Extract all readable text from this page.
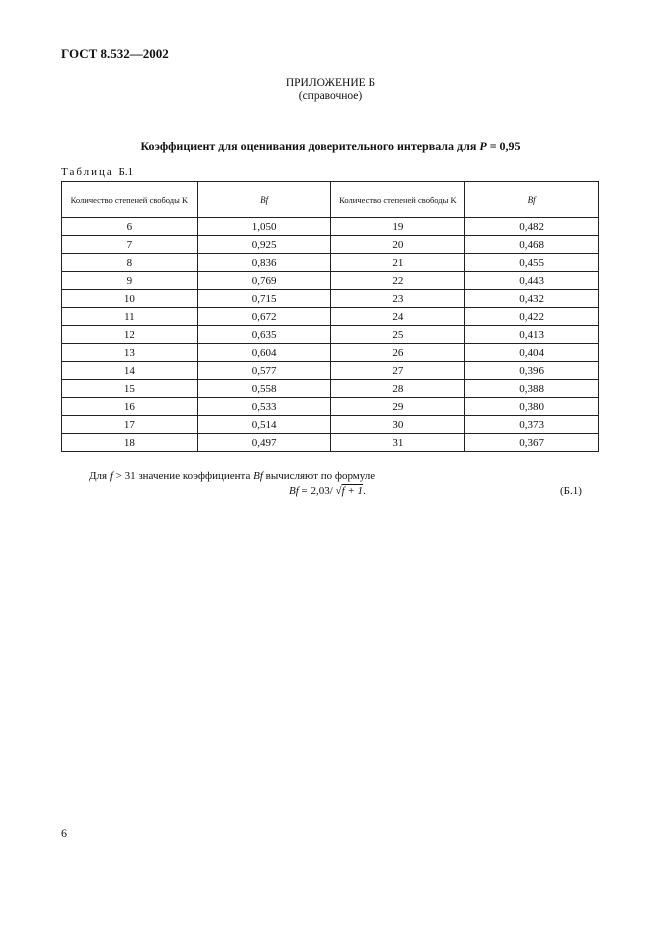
ГОСТ 8.532—2002
ПРИЛОЖЕНИЕ Б
(справочное)
Коэффициент для оценивания доверительного интервала для P = 0,95
Таблица Б.1
Количество степеней свободы K	Bf	Количество степеней свободы K	Bf
6	1,050	19	0,482
7	0,925	20	0,468
8	0,836	21	0,455
9	0,769	22	0,443
10	0,715	23	0,432
11	0,672	24	0,422
12	0,635	25	0,413
13	0,604	26	0,404
14	0,577	27	0,396
15	0,558	28	0,388
16	0,533	29	0,380
17	0,514	30	0,373
18	0,497	31	0,367
Для f > 31 значение коэффициента Bf вычисляют по формуле
Bf = 2,03/ √f + 1.	(Б.1)
6
